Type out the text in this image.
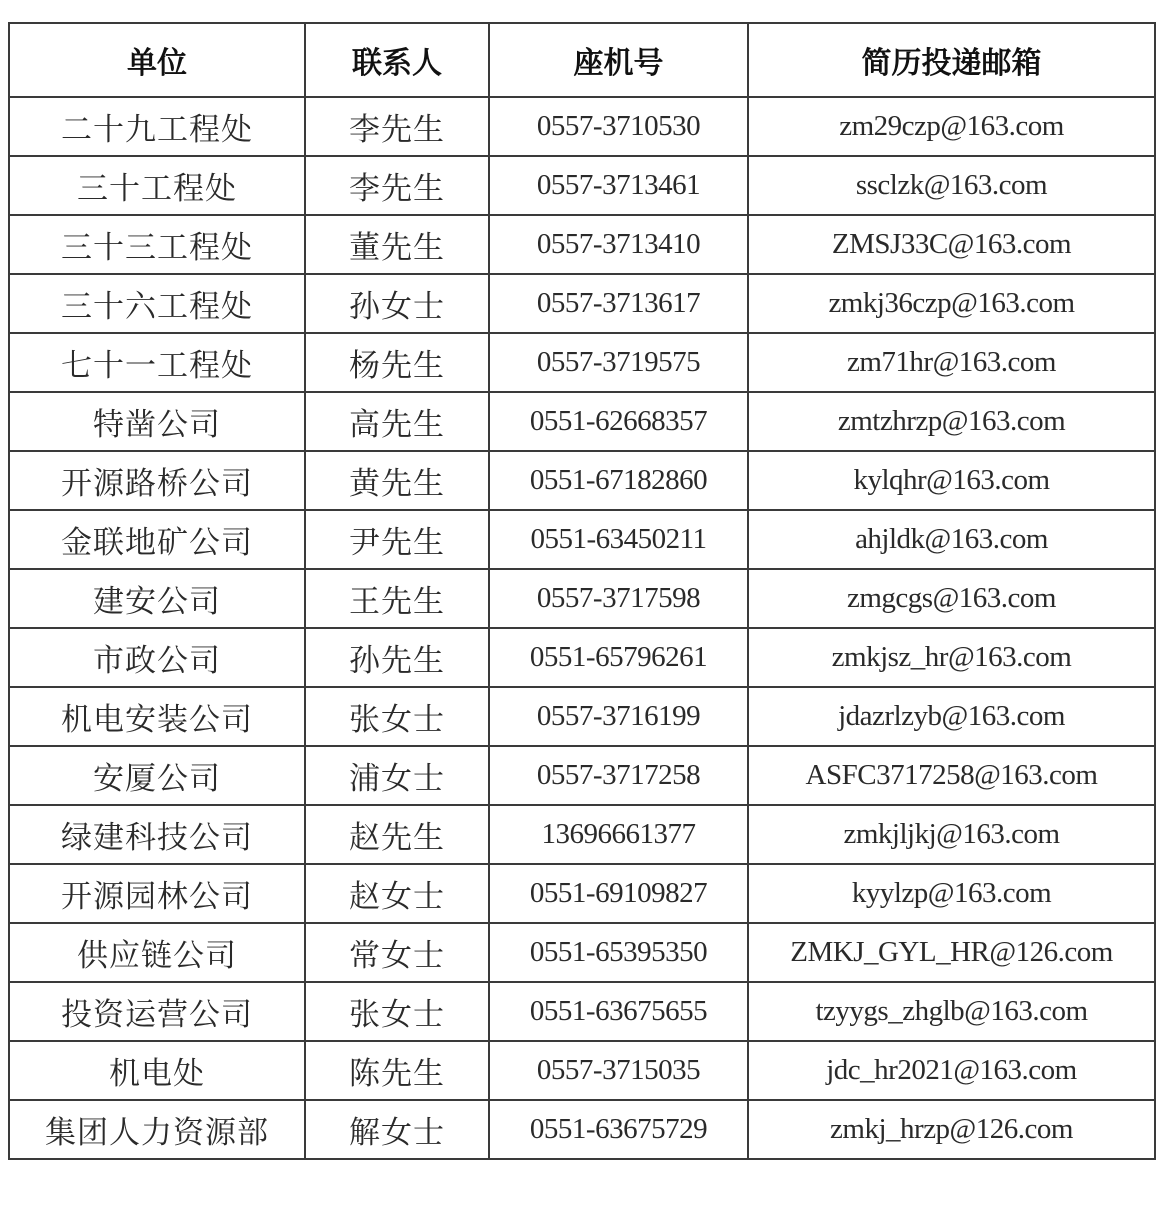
单位	联系人	座机号	简历投递邮箱
二十九工程处	李先生	0557-3710530	zm29czp@163.com
三十工程处	李先生	0557-3713461	ssclzk@163.com
三十三工程处	董先生	0557-3713410	ZMSJ33C@163.com
三十六工程处	孙女士	0557-3713617	zmkj36czp@163.com
七十一工程处	杨先生	0557-3719575	zm71hr@163.com
特凿公司	高先生	0551-62668357	zmtzhrzp@163.com
开源路桥公司	黄先生	0551-67182860	kylqhr@163.com
金联地矿公司	尹先生	0551-63450211	ahjldk@163.com
建安公司	王先生	0557-3717598	zmgcgs@163.com
市政公司	孙先生	0551-65796261	zmkjsz_hr@163.com
机电安装公司	张女士	0557-3716199	jdazrlzyb@163.com
安厦公司	浦女士	0557-3717258	ASFC3717258@163.com
绿建科技公司	赵先生	13696661377	zmkjljkj@163.com
开源园林公司	赵女士	0551-69109827	kyylzp@163.com
供应链公司	常女士	0551-65395350	ZMKJ_GYL_HR@126.com
投资运营公司	张女士	0551-63675655	tzyygs_zhglb@163.com
机电处	陈先生	0557-3715035	jdc_hr2021@163.com
集团人力资源部	解女士	0551-63675729	zmkj_hrzp@126.com
